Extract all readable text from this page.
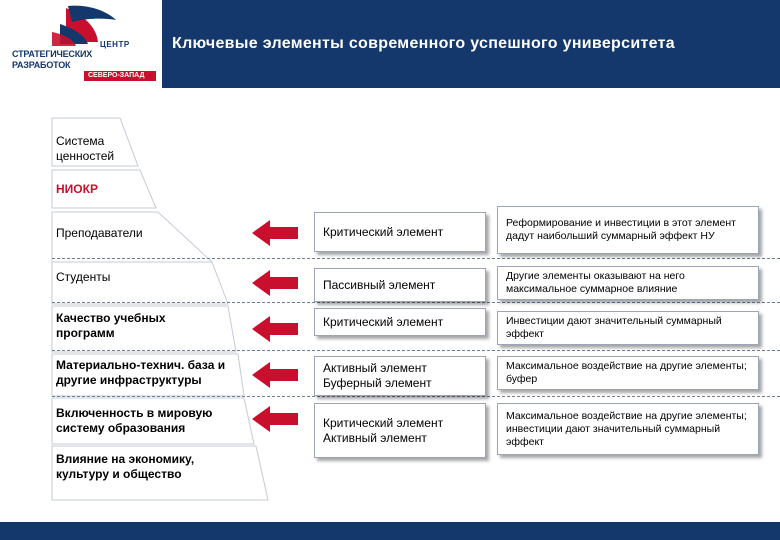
ЦЕНТР
СТРАТЕГИЧЕСКИХ
РАЗРАБОТОК
СЕВЕРО-ЗАПАД
Ключевые элементы современного успешного университета
Система ценностей
НИОКР
Преподаватели
Студенты
Качество учебных программ
Материально-технич. база и другие инфраструктуры
Включенность в мировую систему образования
Влияние на экономику, культуру и общество
Критический элемент
Пассивный элемент
Критический элемент
Активный элемент Буферный элемент
Критический элемент Активный элемент
Реформирование и инвестиции в этот элемент дадут наибольший суммарный эффект НУ
Другие элементы оказывают на него максимальное суммарное влияние
Инвестиции дают значительный суммарный эффект
Максимальное воздействие на другие элементы; буфер
Максимальное воздействие на другие элементы; инвестиции дают значительный суммарный эффект
